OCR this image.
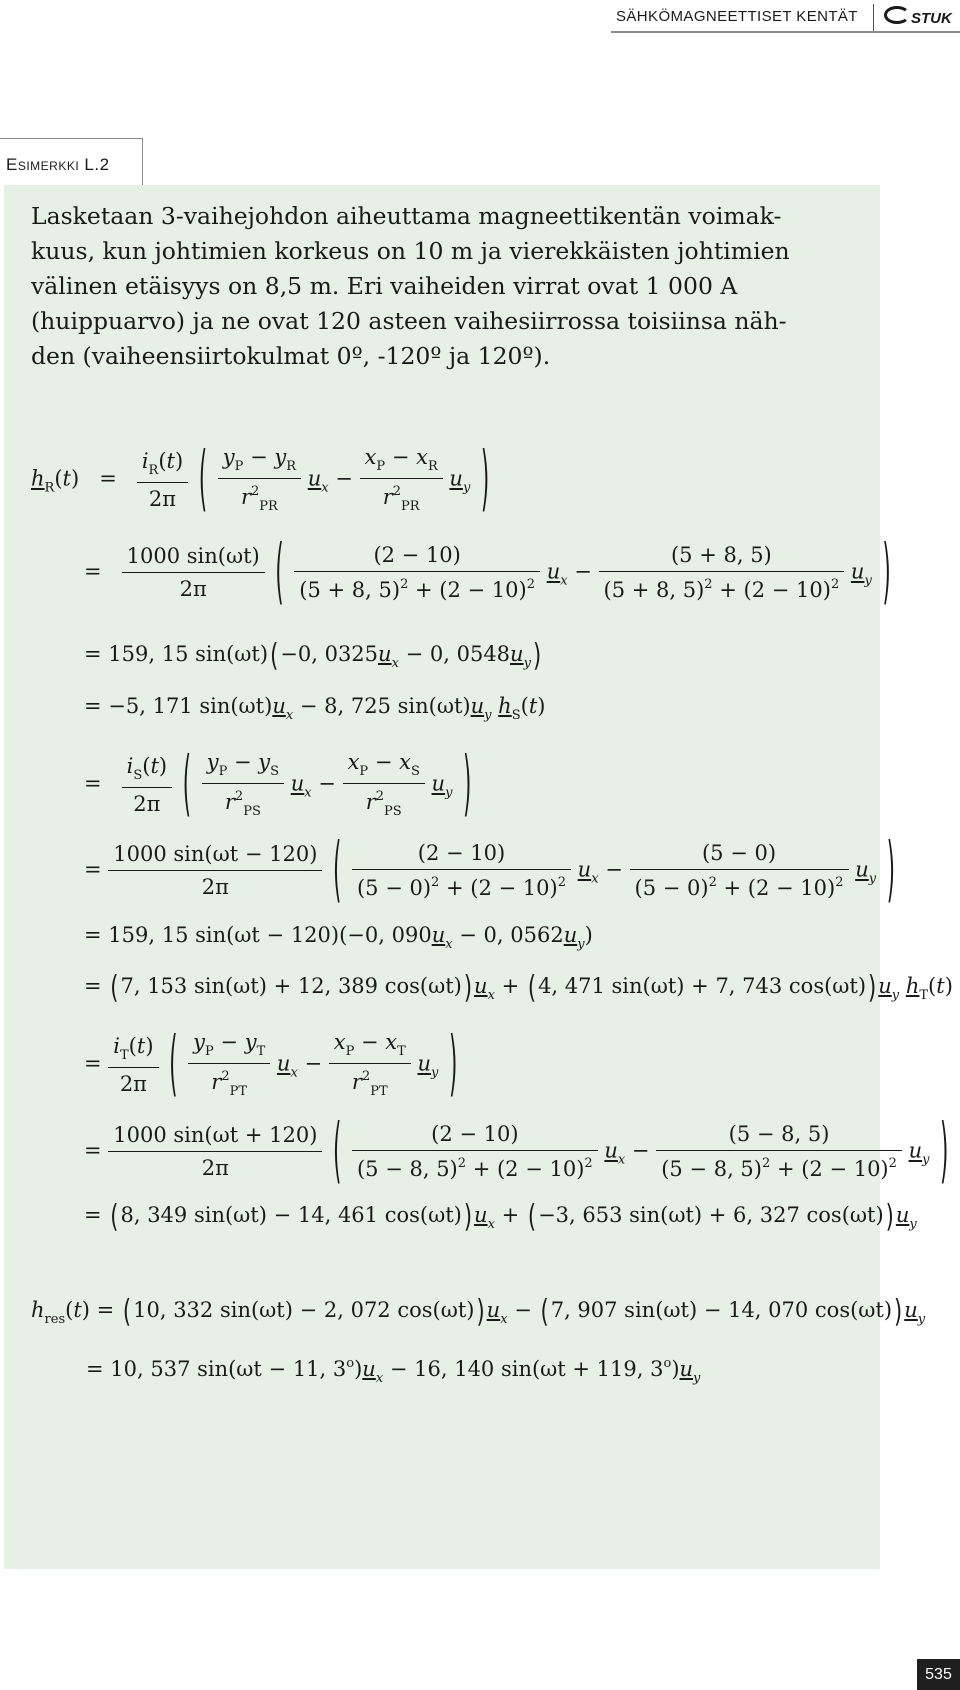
SÄHKÖMAGNEETTISET KENTÄT	STUK
Esimerkki L.2

Lasketaan 3-vaihejohdon aiheuttama magneettikentän voimak-

kuus, kun johtimien korkeus on 10 m ja vierekkäisten johtimien

välinen etäisyys on 8,5 m. Eri vaiheiden virrat ovat 1 000 A

(huippuarvo) ja ne ovat 120 asteen vaihesiirrossa toisiinsa näh-

den (vaiheensiirtokulmat 0º, -120º ja 120º).

$h_R(t) = \frac{i_R(t)}{2\pi}$ ( $\frac{y_P - y_R}{r^2_{PR}} u_x - \frac{x_P - x_R}{r^2_{PR}} u_y$ )
= $\frac{1000 \sin(\omega t)}{2\pi}$ ( $\frac{(2 - 10)}{(5 + 8, 5)^2 + (2 - 10)^2} u_x - \frac{(5 + 8, 5)}{(5 + 8, 5)^2 + (2 - 10)^2} u_y$ )
= 159, 15 sin(ωt)(−0, $0325u_x - 0$, $0548u_y$)
= −5, 171 $\sin(\omega t)u_x - 8$, 725 $\sin(\omega t)u_y$ $h_S(t)$
= $\frac{i_S(t)}{2\pi}$ ( $\frac{y_P - y_S}{r^2_{PS}} u_x - \frac{x_P - x_S}{r^2_{PS}} u_y$ )
= $\frac{1000 \sin(\omega t - 120)}{2\pi}$ ( $\frac{(2 - 10)}{(5 - 0)^2 + (2 - 10)^2} u_x - \frac{(5 - 0)}{(5 - 0)^2 + (2 - 10)^2} u_y$ )
= 159, 15 sin(ωt − 120)(−0, $090u_x - 0$, $0562u_y$)
= (7, 153 sin(ωt) + 12, 389 $\cos(\omega t))u_x + (4$, 471 sin(ωt) + 7, 743 $\cos(\omega t))u_y$ $h_T(t)$
= $\frac{i_T(t)}{2\pi}$ ( $\frac{y_P - y_T}{r^2_{PT}} u_x - \frac{x_P - x_T}{r^2_{PT}} u_y$ )
= $\frac{1000 \sin(\omega t + 120)}{2\pi}$ ( $\frac{(2 - 10)}{(5 - 8, 5)^2 + (2 - 10)^2} u_x - \frac{(5 - 8, 5)}{(5 - 8, 5)^2 + (2 - 10)^2} u_y$ )
= (8, 349 sin(ωt) − 14, 461 $\cos(\omega t))u_x + (-3$, 653 sin(ωt) + 6, 327 $\cos(\omega t))u_y$
$h_{res}(t) = (10$, 332 sin(ωt) − 2, 072 $\cos(\omega t))u_x - (7$, 907 sin(ωt) − 14, 070 $\cos(\omega t))u_y$
= 10, 537 sin(ωt − 11, $3^o)u_x - 16$, 140 sin(ωt + 119, $3^o)u_y$
535
